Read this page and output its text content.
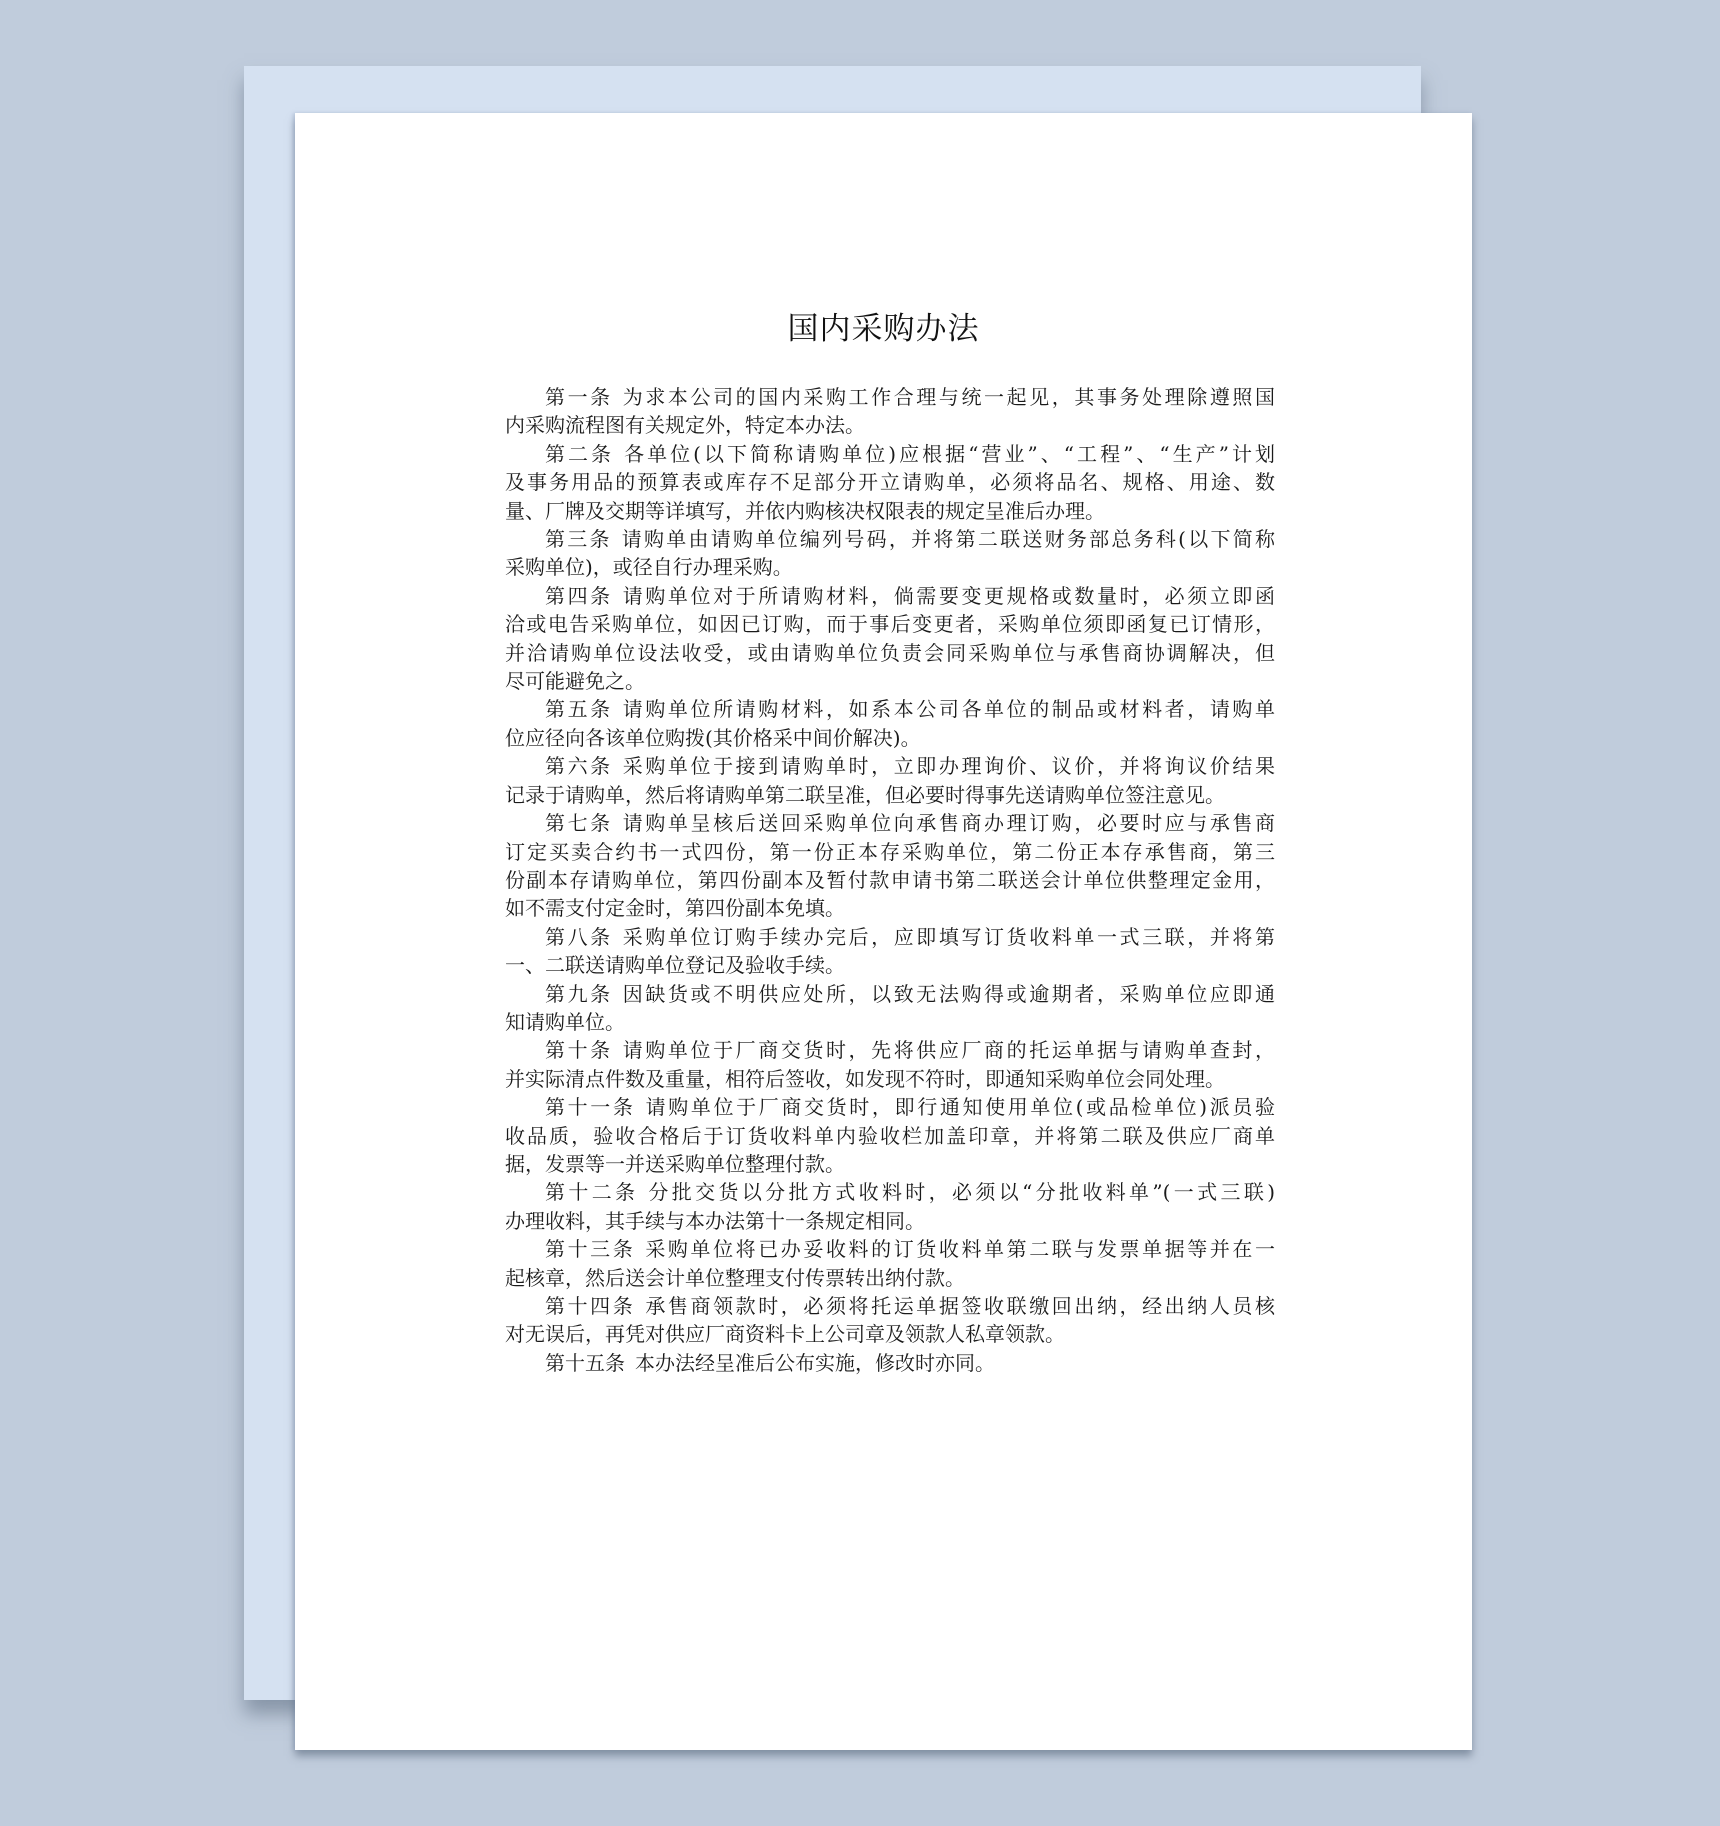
国内采购办法
第一条 为求本公司的国内采购工作合理与统一起见，其事务处理除遵照国
内采购流程图有关规定外，特定本办法。
第二条 各单位(以下简称请购单位)应根据“营业”、“工程”、“生产”计划
及事务用品的预算表或库存不足部分开立请购单，必须将品名、规格、用途、数
量、厂牌及交期等详填写，并依内购核决权限表的规定呈准后办理。
第三条 请购单由请购单位编列号码，并将第二联送财务部总务科(以下简称
采购单位)，或径自行办理采购。
第四条 请购单位对于所请购材料，倘需要变更规格或数量时，必须立即函
洽或电告采购单位，如因已订购，而于事后变更者，采购单位须即函复已订情形，
并洽请购单位设法收受，或由请购单位负责会同采购单位与承售商协调解决，但
尽可能避免之。
第五条 请购单位所请购材料，如系本公司各单位的制品或材料者，请购单
位应径向各该单位购拨(其价格采中间价解决)。
第六条 采购单位于接到请购单时，立即办理询价、议价，并将询议价结果
记录于请购单，然后将请购单第二联呈准，但必要时得事先送请购单位签注意见。
第七条 请购单呈核后送回采购单位向承售商办理订购，必要时应与承售商
订定买卖合约书一式四份，第一份正本存采购单位，第二份正本存承售商，第三
份副本存请购单位，第四份副本及暂付款申请书第二联送会计单位供整理定金用，
如不需支付定金时，第四份副本免填。
第八条 采购单位订购手续办完后，应即填写订货收料单一式三联，并将第
一、二联送请购单位登记及验收手续。
第九条 因缺货或不明供应处所，以致无法购得或逾期者，采购单位应即通
知请购单位。
第十条 请购单位于厂商交货时，先将供应厂商的托运单据与请购单查封，
并实际清点件数及重量，相符后签收，如发现不符时，即通知采购单位会同处理。
第十一条 请购单位于厂商交货时，即行通知使用单位(或品检单位)派员验
收品质，验收合格后于订货收料单内验收栏加盖印章，并将第二联及供应厂商单
据，发票等一并送采购单位整理付款。
第十二条 分批交货以分批方式收料时，必须以“分批收料单”(一式三联)
办理收料，其手续与本办法第十一条规定相同。
第十三条 采购单位将已办妥收料的订货收料单第二联与发票单据等并在一
起核章，然后送会计单位整理支付传票转出纳付款。
第十四条 承售商领款时，必须将托运单据签收联缴回出纳，经出纳人员核
对无误后，再凭对供应厂商资料卡上公司章及领款人私章领款。
第十五条 本办法经呈准后公布实施，修改时亦同。
